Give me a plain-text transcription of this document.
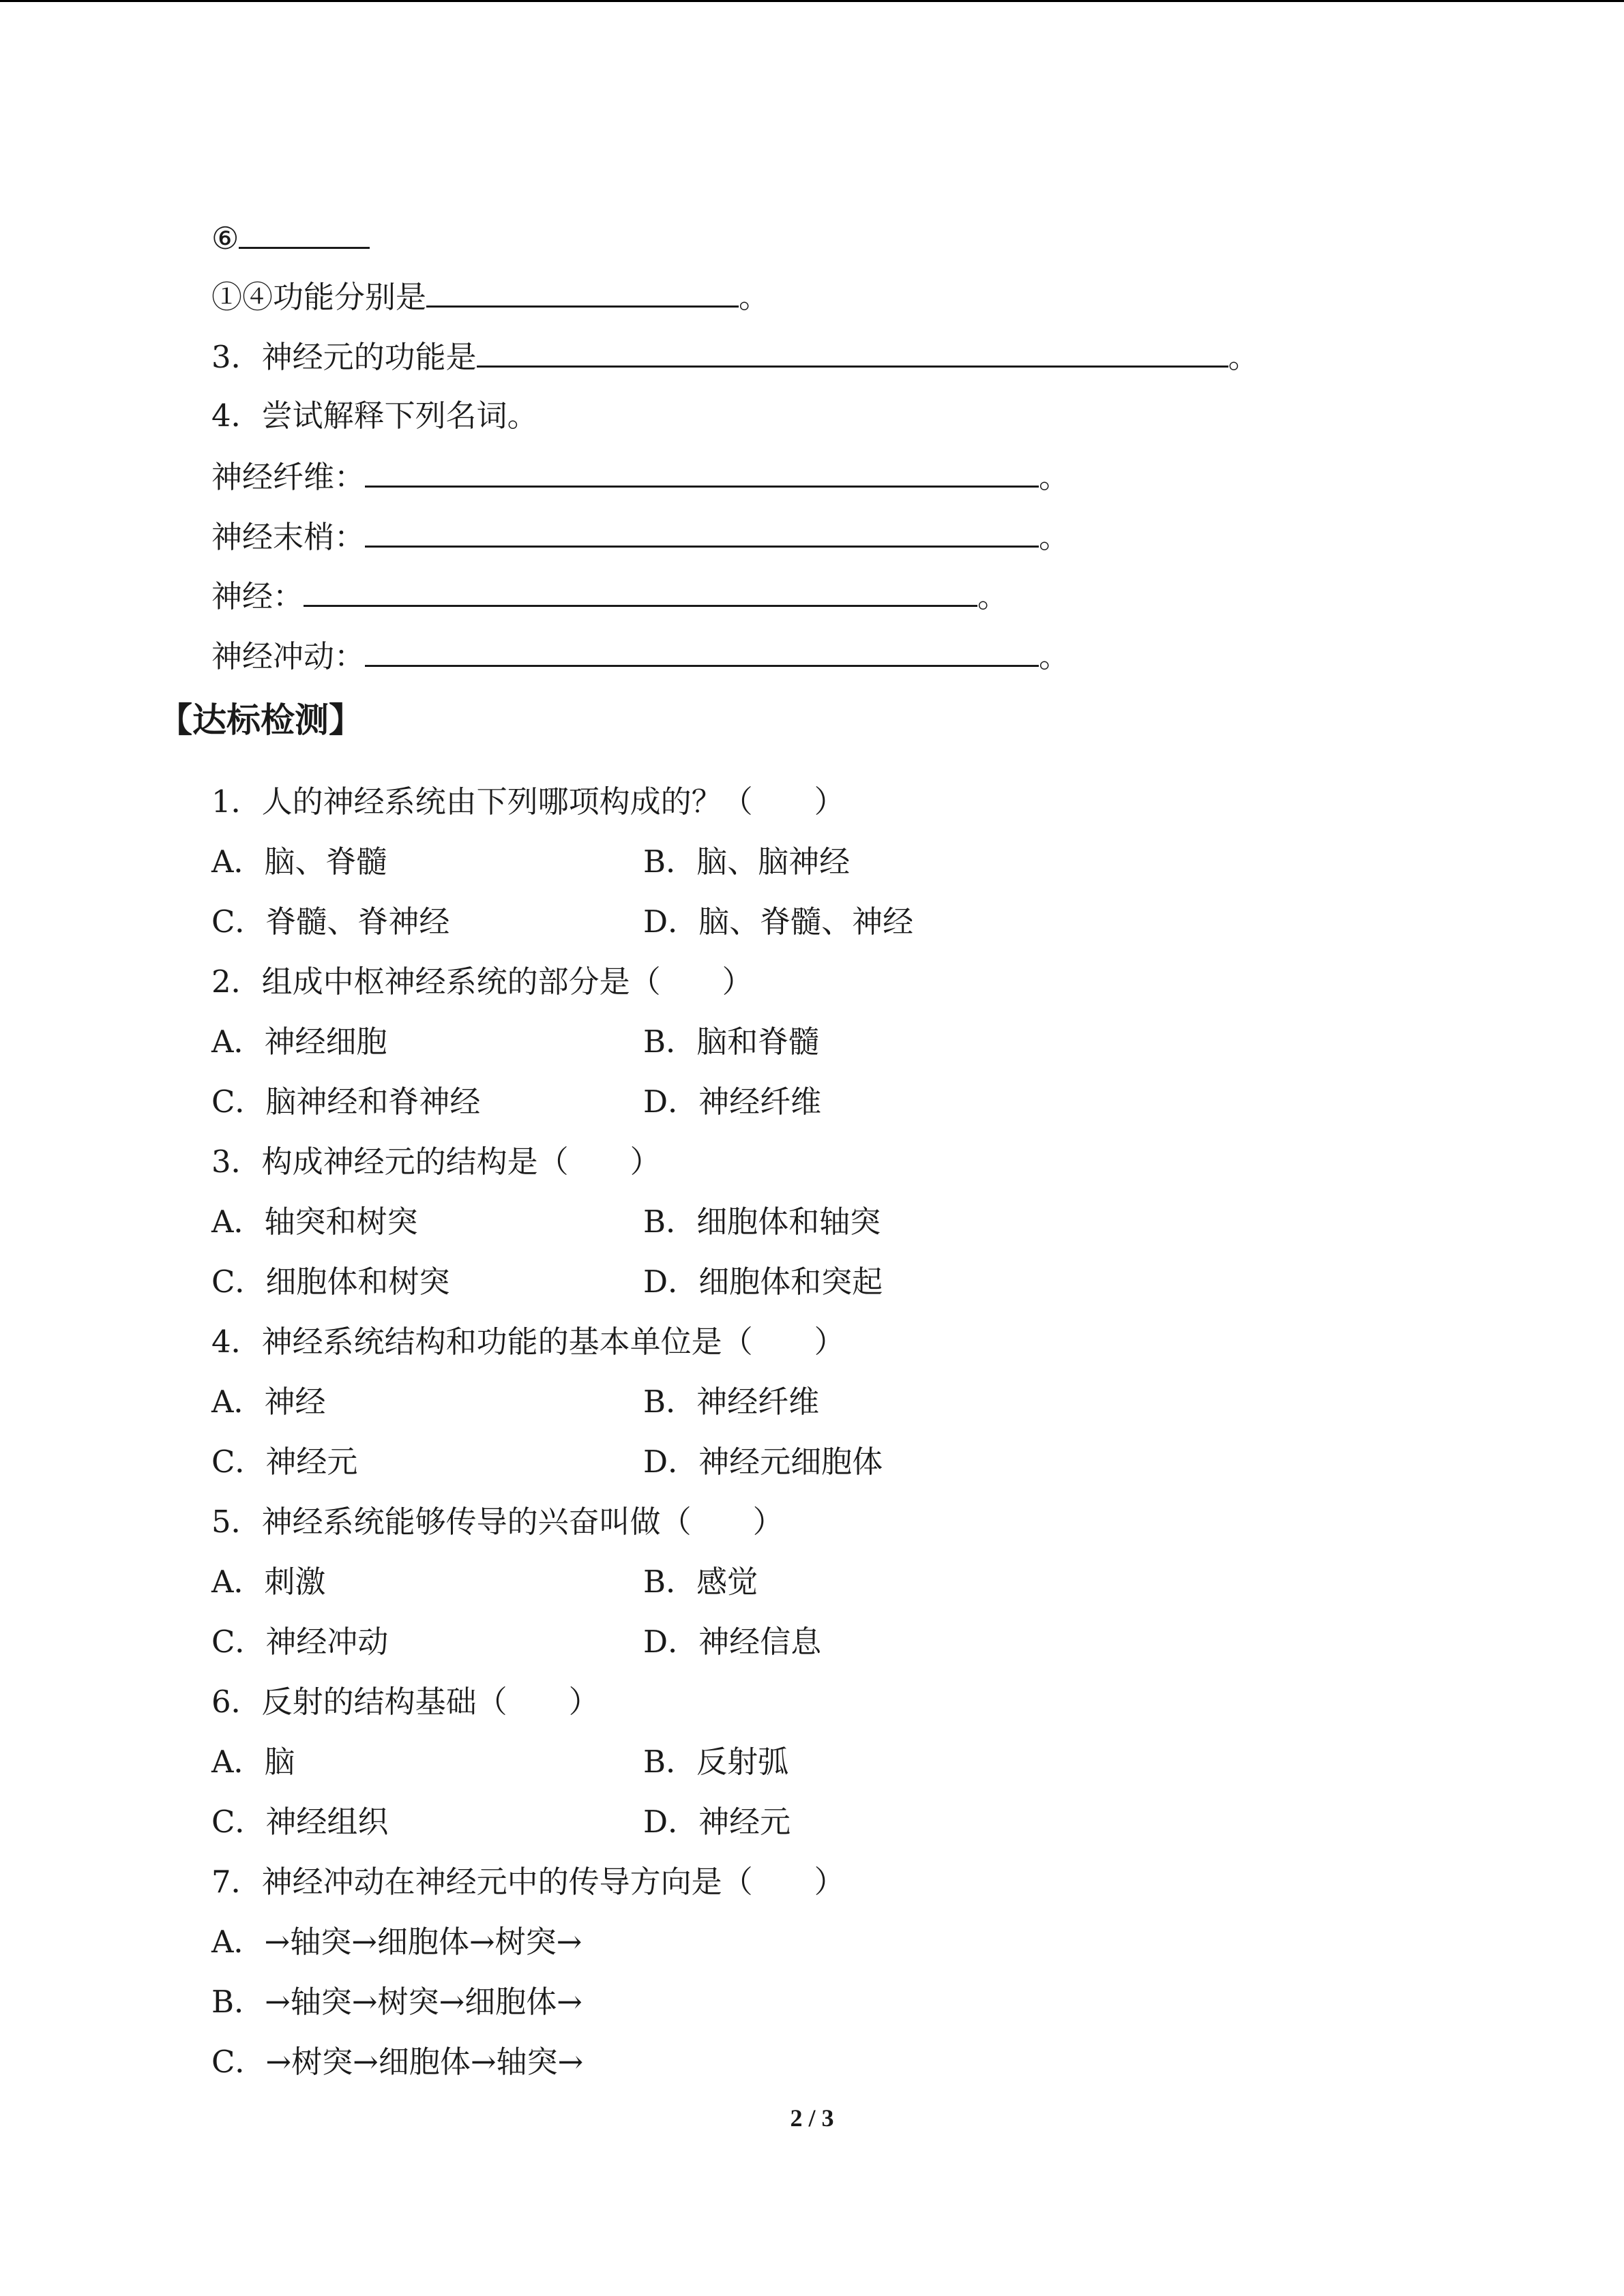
⑥
①④功能分别是	。
3．神经元的功能是	。
4．尝试解释下列名词。
神经纤维：	。
神经末梢：	。
神经：	。
神经冲动：	。
【达标检测】
1．人的神经系统由下列哪项构成的？（　　）
A．脑、脊髓	B．脑、脑神经
C．脊髓、脊神经	D．脑、脊髓、神经
2．组成中枢神经系统的部分是（　　）
A．神经细胞	B．脑和脊髓
C．脑神经和脊神经	D．神经纤维
3．构成神经元的结构是（　　）
A．轴突和树突	B．细胞体和轴突
C．细胞体和树突	D．细胞体和突起
4．神经系统结构和功能的基本单位是（　　）
A．神经	B．神经纤维
C．神经元	D．神经元细胞体
5．神经系统能够传导的兴奋叫做（　　）
A．刺激	B．感觉
C．神经冲动	D．神经信息
6．反射的结构基础（　　）
A．脑	B．反射弧
C．神经组织	D．神经元
7．神经冲动在神经元中的传导方向是（　　）
A．→轴突→细胞体→树突→
B．→轴突→树突→细胞体→
C．→树突→细胞体→轴突→
2 / 3
